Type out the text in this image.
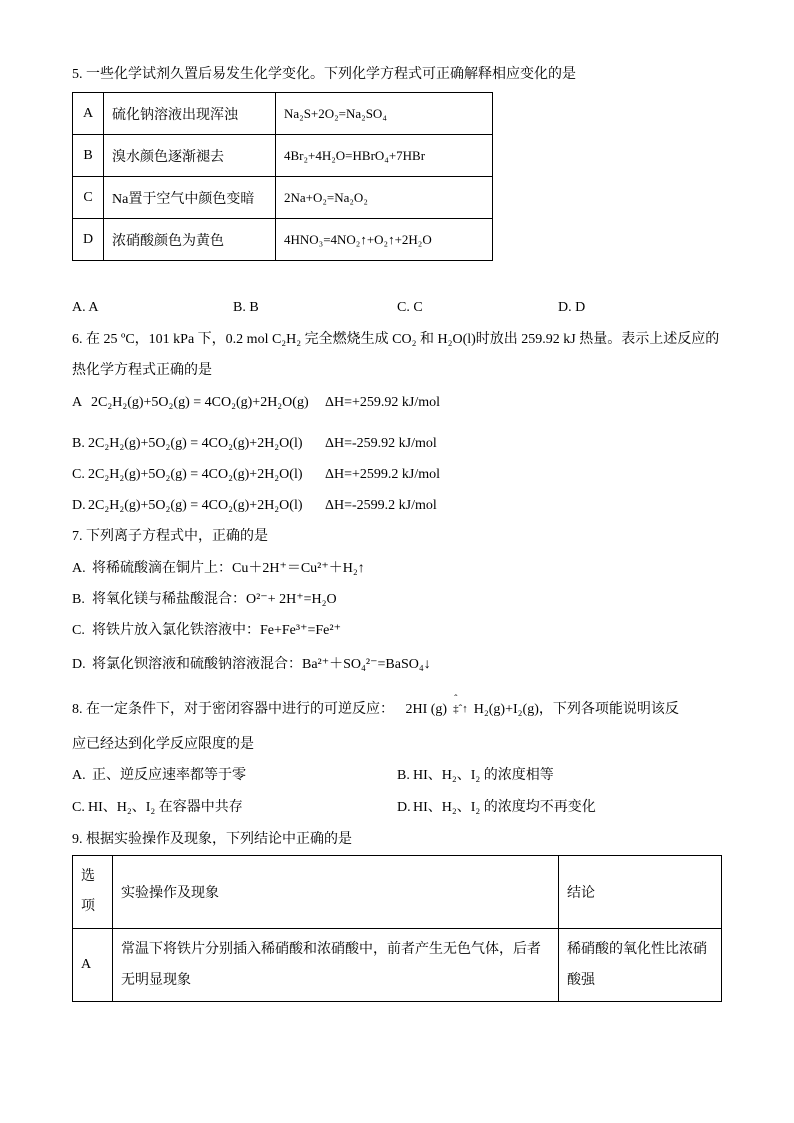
5. 一些化学试剂久置后易发生化学变化。下列化学方程式可正确解释相应变化的是
A	硫化钠溶液出现浑浊	Na₂S+2O₂=Na₂SO₄
B	溴水颜色逐渐褪去	4Br₂+4H₂O=HBrO₄+7HBr
C	Na置于空气中颜色变暗	2Na+O₂=Na₂O₂
D	浓硝酸颜色为黄色	4HNO₃=4NO₂↑+O₂↑+2H₂O
A. A	B. B	C. C	D. D
6. 在 25 ºC，101 kPa 下，0.2 mol C₂H₂ 完全燃烧生成 CO₂ 和 H₂O(l)时放出 259.92 kJ 热量。表示上述反应的
热化学方程式正确的是
A 2C₂H₂(g)+5O₂(g) = 4CO₂(g)+2H₂O(g) ΔH=+259.92 kJ/mol
B. 2C₂H₂(g)+5O₂(g) = 4CO₂(g)+2H₂O(l) ΔH=-259.92 kJ/mol
C. 2C₂H₂(g)+5O₂(g) = 4CO₂(g)+2H₂O(l) ΔH=+2599.2 kJ/mol
D. 2C₂H₂(g)+5O₂(g) = 4CO₂(g)+2H₂O(l) ΔH=-2599.2 kJ/mol
7. 下列离子方程式中，正确的是
A. 将稀硫酸滴在铜片上：Cu＋2H⁺＝Cu²⁺＋H₂↑
B. 将氧化镁与稀盐酸混合：O²⁻+ 2H⁺=H₂O
C. 将铁片放入氯化铁溶液中：Fe+Fe³⁺=Fe²⁺
D. 将氯化钡溶液和硫酸钠溶液混合：Ba²⁺＋SO₄²⁻=BaSO₄↓
8. 在一定条件下，对于密闭容器中进行的可逆反应： 2HI (g)
ˆ
‡ˆ↑ H₂(g)+I₂(g)，下列各项能说明该反
应已经达到化学反应限度的是
A. 正、逆反应速率都等于零	B. HI、H₂、I₂ 的浓度相等
C. HI、H₂、I₂ 在容器中共存	D. HI、H₂、I₂ 的浓度均不再变化
9. 根据实验操作及现象，下列结论中正确的是
选
项	实验操作及现象	结论
A	常温下将铁片分别插入稀硝酸和浓硝酸中，前者产生无色气体，后者
无明显现象	稀硝酸的氧化性比浓硝
酸强
